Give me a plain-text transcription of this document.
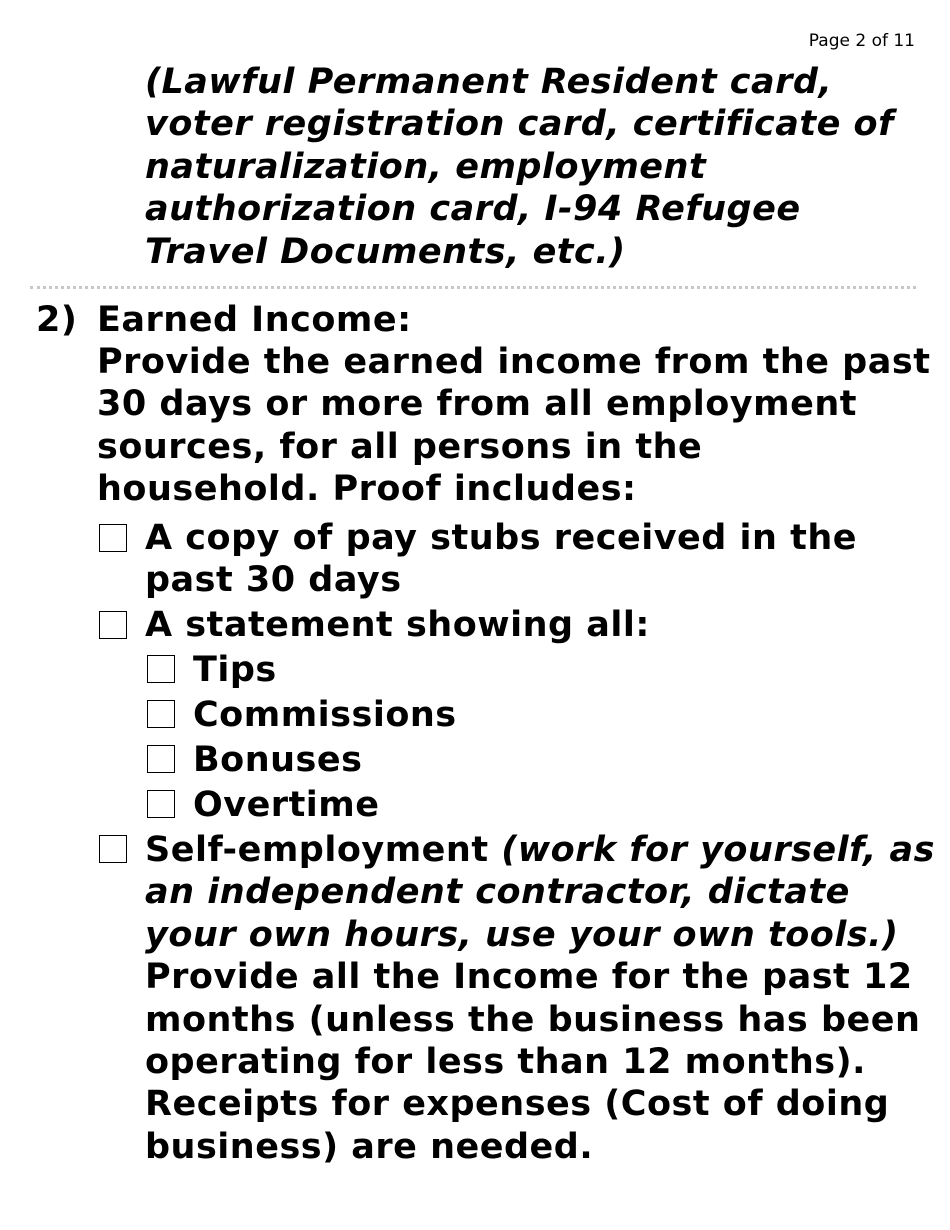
Page 2 of 11
(Lawful Permanent Resident card, voter registration card, certificate of naturalization, employment authorization card, I-94 Refugee Travel Documents, etc.)
2) Earned Income:
Provide the earned income from the past 30 days or more from all employment sources, for all persons in the household. Proof includes:
A copy of pay stubs received in the past 30 days
A statement showing all:
Tips
Commissions
Bonuses
Overtime
Self-employment (work for yourself, as an independent contractor, dictate your own hours, use your own tools.) Provide all the Income for the past 12 months (unless the business has been operating for less than 12 months). Receipts for expenses (Cost of doing business) are needed.
